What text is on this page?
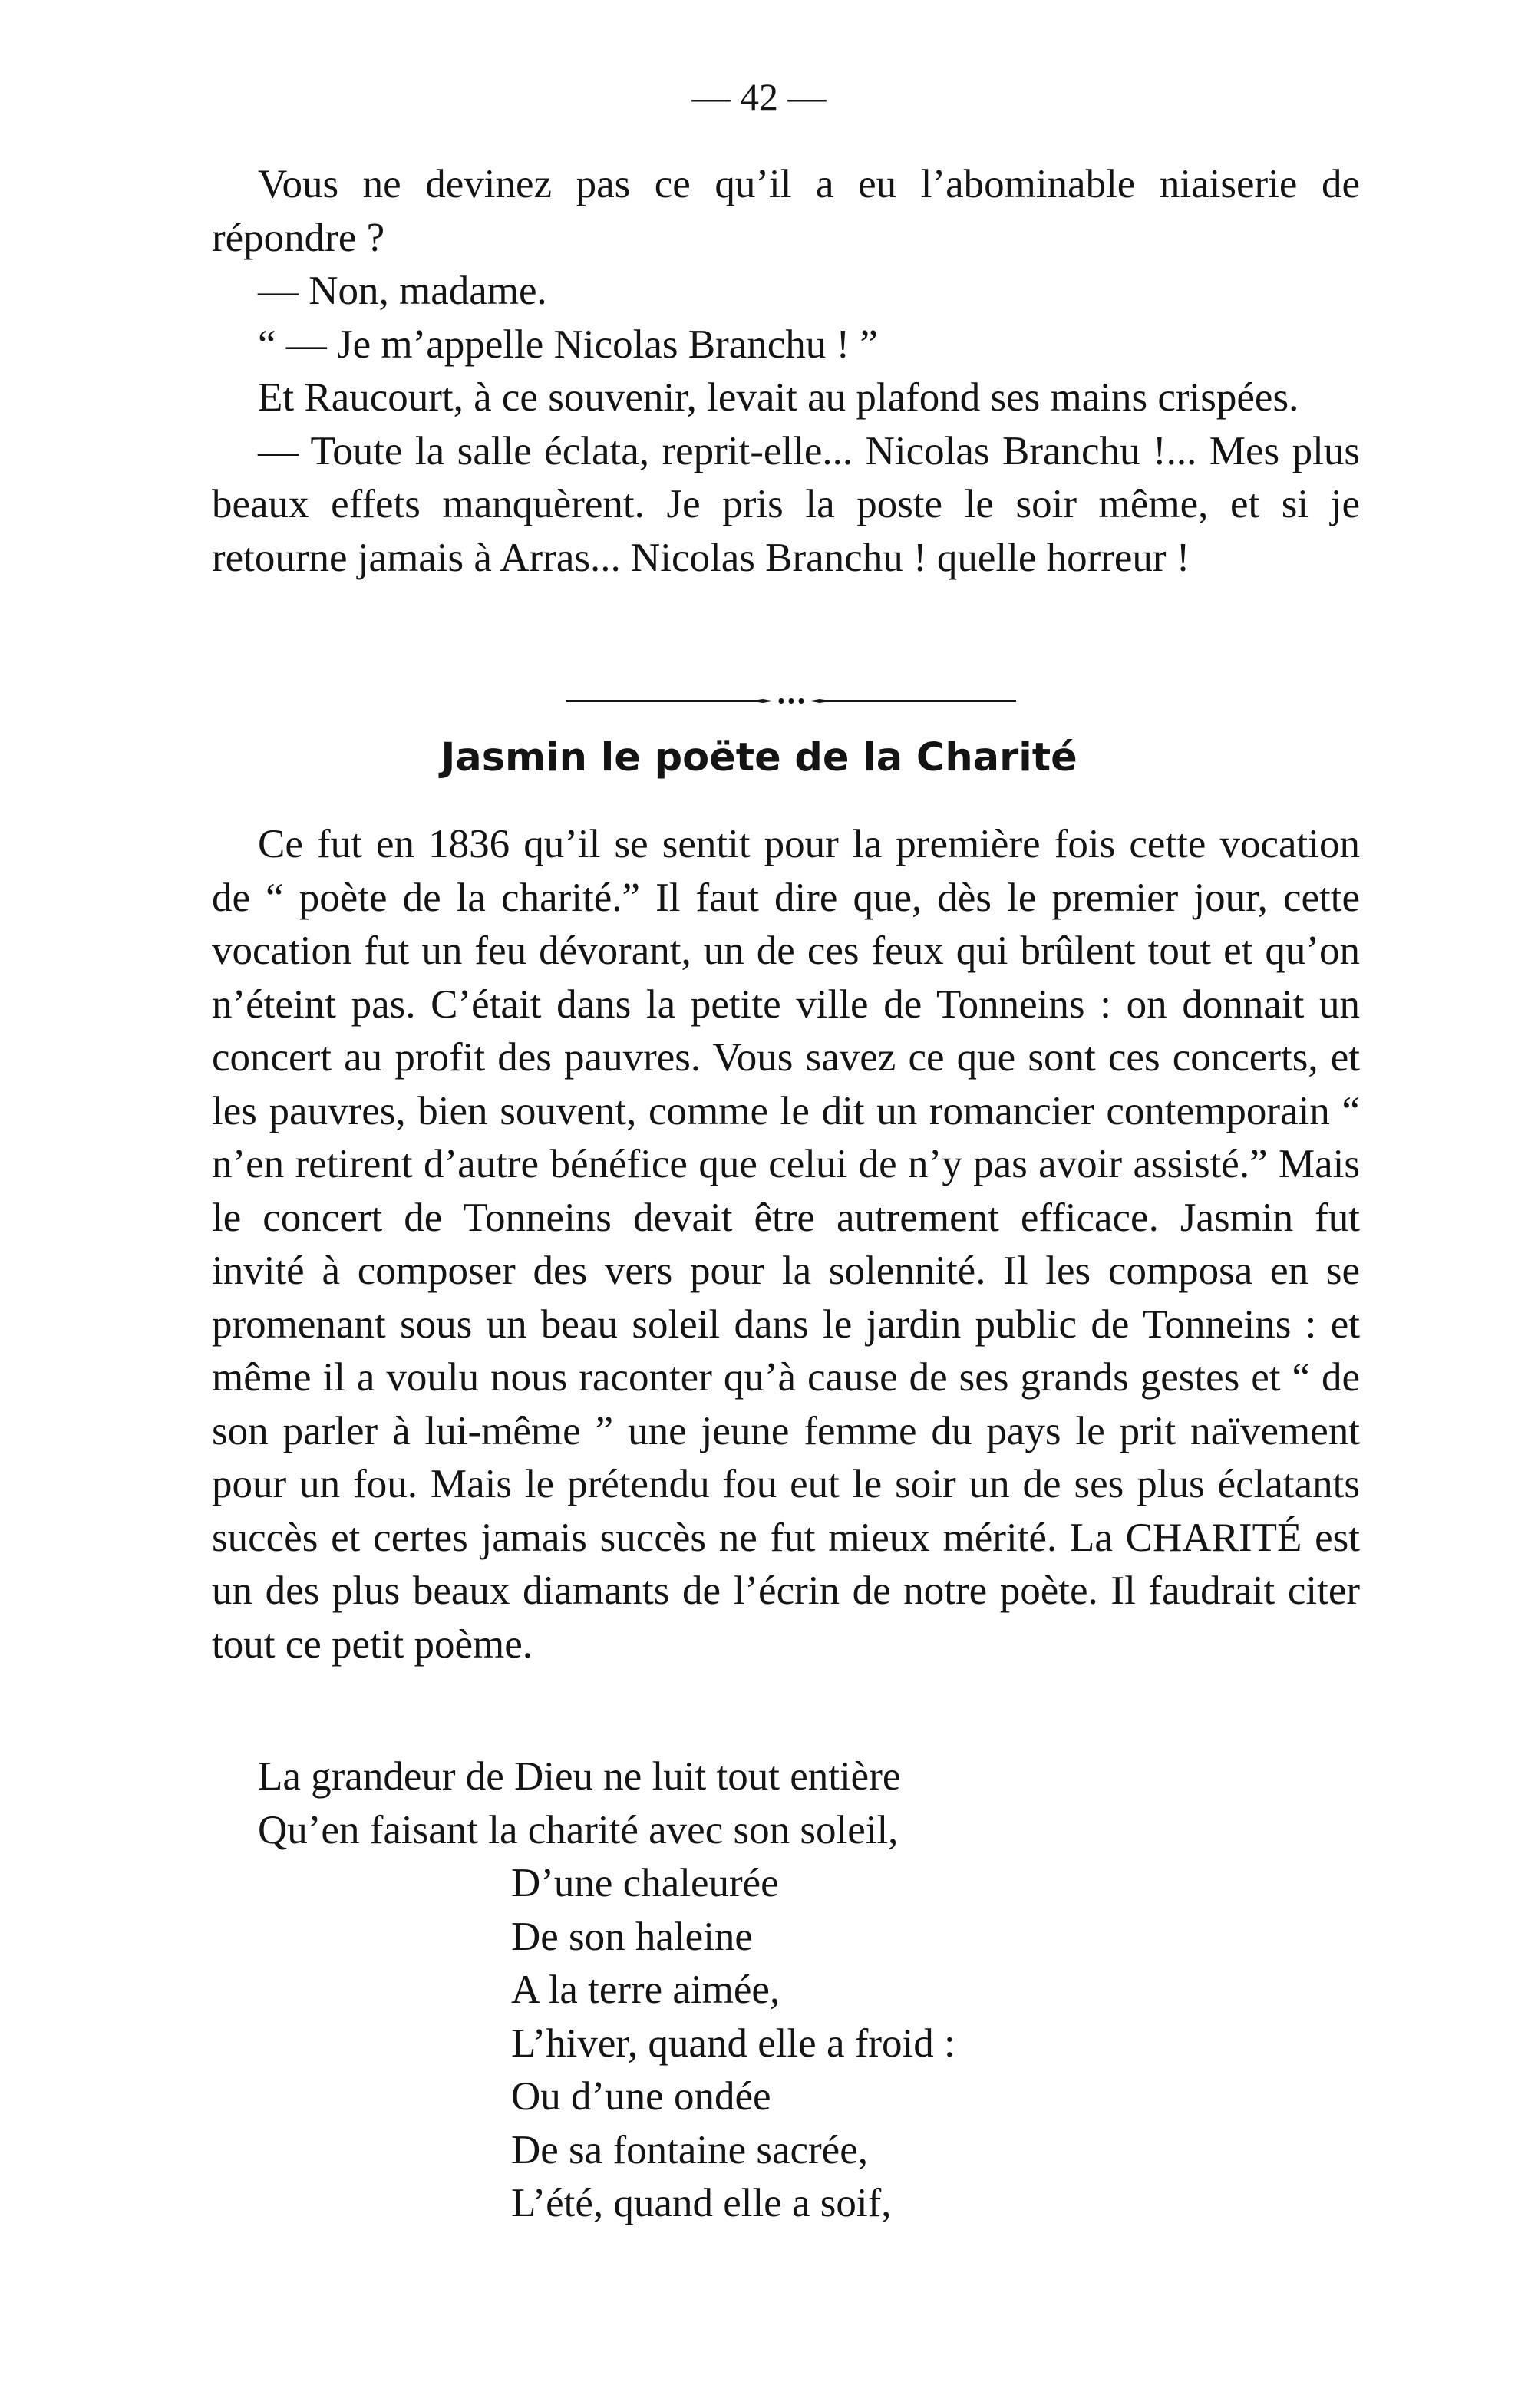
— 42 —

Vous ne devinez pas ce qu’il a eu l’abominable niaiserie de répondre ?

— Non, madame.

“ — Je m’appelle Nicolas Branchu ! ”

Et Raucourt, à ce souvenir, levait au plafond ses mains crispées.

— Toute la salle éclata, reprit-elle... Nicolas Branchu !... Mes plus beaux effets manquèrent. Je pris la poste le soir même, et si je retourne jamais à Arras... Nicolas Branchu ! quelle horreur !

Jasmin le poëte de la Charité

Ce fut en 1836 qu’il se sentit pour la première fois cette vocation de “ poète de la charité.” Il faut dire que, dès le premier jour, cette vocation fut un feu dévorant, un de ces feux qui brûlent tout et qu’on n’éteint pas. C’était dans la petite ville de Tonneins : on donnait un concert au profit des pauvres. Vous savez ce que sont ces concerts, et les pauvres, bien souvent, comme le dit un romancier contemporain “ n’en retirent d’autre bénéfice que celui de n’y pas avoir assisté.” Mais le concert de Tonneins devait être autrement efficace. Jasmin fut invité à composer des vers pour la solennité. Il les composa en se promenant sous un beau soleil dans le jardin public de Tonneins : et même il a voulu nous raconter qu’à cause de ses grands gestes et “ de son parler à lui-même ” une jeune femme du pays le prit naïvement pour un fou. Mais le prétendu fou eut le soir un de ses plus éclatants succès et certes jamais succès ne fut mieux mérité. La CHARITÉ est un des plus beaux diamants de l’écrin de notre poète. Il faudrait citer tout ce petit poème.

La grandeur de Dieu ne luit tout entière
Qu’en faisant la charité avec son soleil,
D’une chaleurée
De son haleine
A la terre aimée,
L’hiver, quand elle a froid :
Ou d’une ondée
De sa fontaine sacrée,
L’été, quand elle a soif,
